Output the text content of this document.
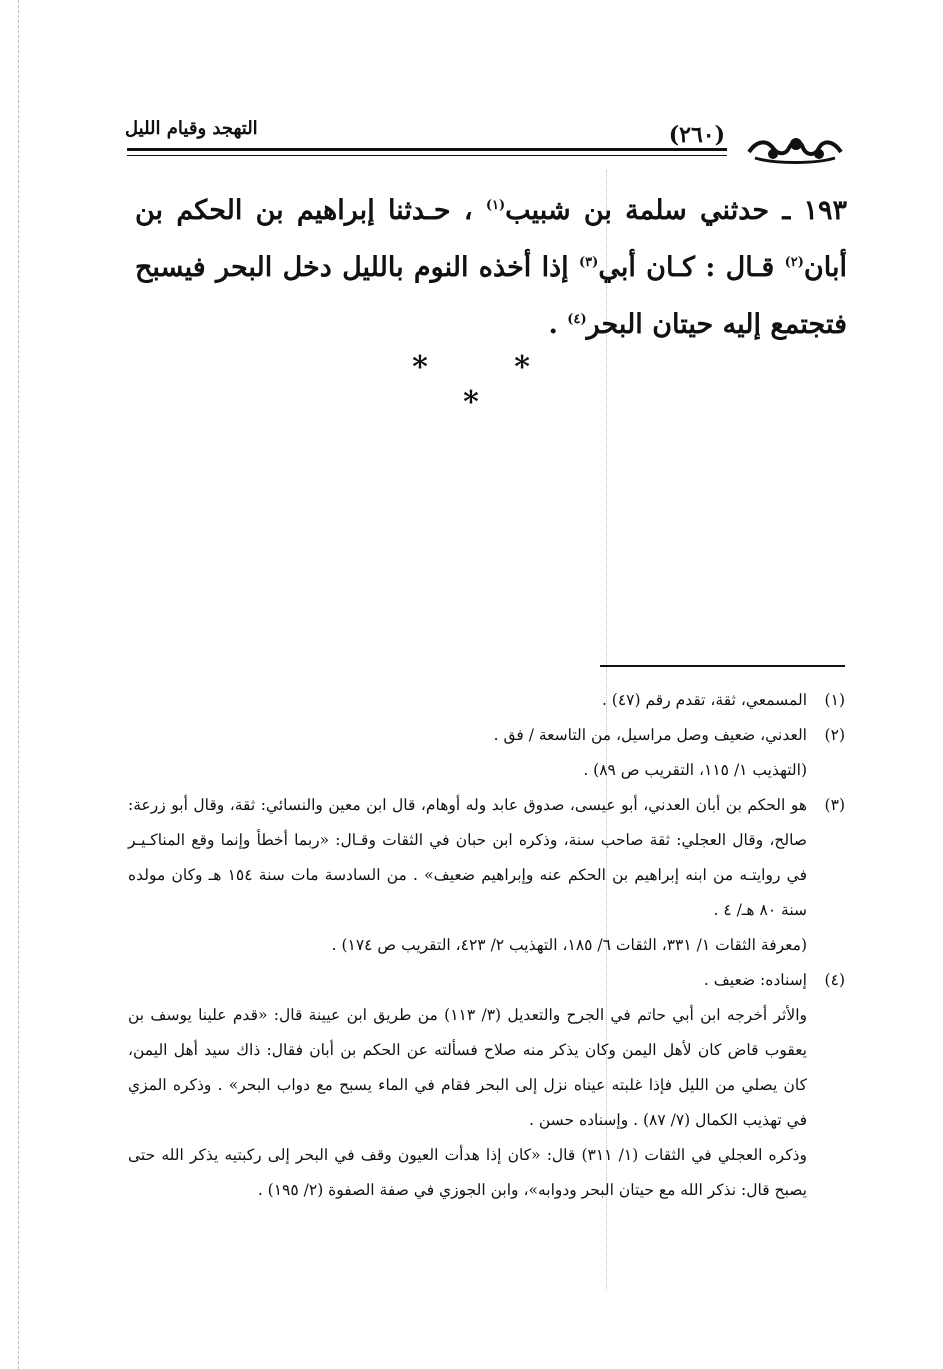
(٢٦٠)
التهجد وقيام الليل
١٩٣ ـ حدثني سلمة بن شبيب$^{(١)}$ ، حـدثنا إبراهيم بن الحكم بن أبان$^{(٢)}$ قـال : كـان أبي$^{(٣)}$ إذا أخذه النوم بالليل دخل البحر فيسبح فتجتمع إليه حيتان البحر$^{(٤)}$ .
* * *
(١)

المسمعي، ثقة، تقدم رقم (٤٧) .

(٢)

العدني، ضعيف وصل مراسيل، من التاسعة / فق .

(التهذيب ١/ ١١٥، التقريب ص ٨٩) .

(٣)

هو الحكم بن أبان العدني، أبو عيسى، صدوق عابد وله أوهام، قال ابن معين والنسائي: ثقة، وقال أبو زرعة: صالح، وقال العجلي: ثقة صاحب سنة، وذكره ابن حبان في الثقات وقـال: «ربما أخطأ وإنما وقع المناكـيـر في روايتـه من ابنه إبراهيم بن الحكم عنه وإبراهيم ضعيف» . من السادسة مات سنة ١٥٤ هـ وكان مولده سنة ٨٠ هـ/ ٤ .

(معرفة الثقات ١/ ٣٣١، الثقات ٦/ ١٨٥، التهذيب ٢/ ٤٢٣، التقريب ص ١٧٤) .

(٤)

إسناده: ضعيف .

والأثر أخرجه ابن أبي حاتم في الجرح والتعديل (٣/ ١١٣) من طريق ابن عيينة قال: «قدم علينا يوسف بن يعقوب قاض كان لأهل اليمن وكان يذكر منه صلاح فسألته عن الحكم بن أبان فقال: ذاك سيد أهل اليمن، كان يصلي من الليل فإذا غلبته عيناه نزل إلى البحر فقام في الماء يسبح مع دواب البحر» . وذكره المزي في تهذيب الكمال (٧/ ٨٧) . وإسناده حسن .

وذكره العجلي في الثقات (١/ ٣١١) قال: «كان إذا هدأت العيون وقف في البحر إلى ركبتيه يذكر الله حتى يصبح قال: نذكر الله مع حيتان البحر ودوابه»، وابن الجوزي في صفة الصفوة (٢/ ١٩٥) .
